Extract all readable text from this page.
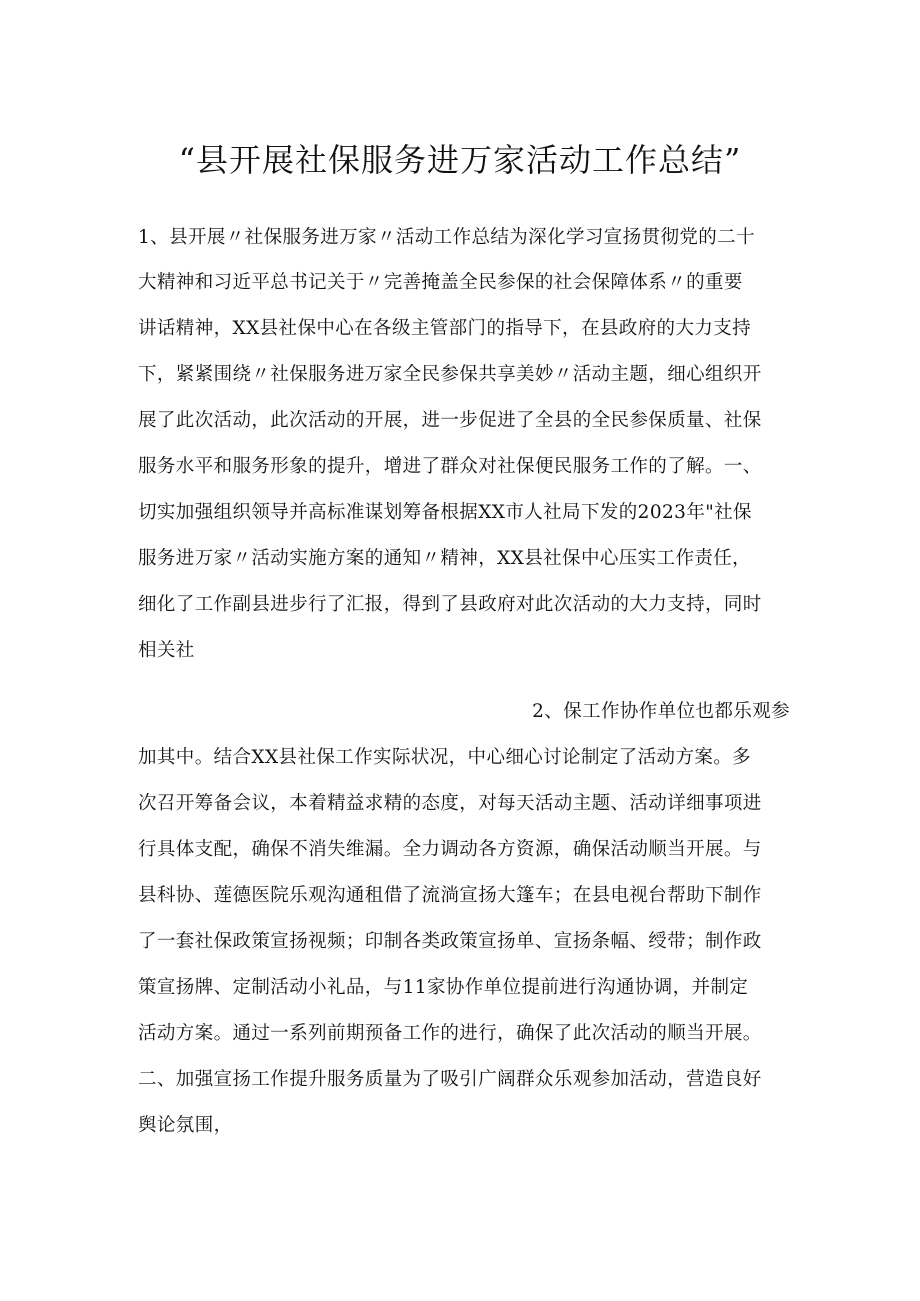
“县开展社保服务进万家活动工作总结”
1、县开展〃社保服务进万家〃活动工作总结为深化学习宣扬贯彻党的二十
大精神和习近平总书记关于〃完善掩盖全民参保的社会保障体系〃的重要
讲话精神，XX县社保中心在各级主管部门的指导下，在县政府的大力支持
下，紧紧围绕〃社保服务进万家全民参保共享美妙〃活动主题，细心组织开
展了此次活动，此次活动的开展，进一步促进了全县的全民参保质量、社保
服务水平和服务形象的提升，增进了群众对社保便民服务工作的了解。一、
切实加强组织领导并高标准谋划筹备根据XX市人社局下发的2023年"社保
服务进万家〃活动实施方案的通知〃精神，XX县社保中心压实工作责任，
细化了工作副县进步行了汇报，得到了县政府对此次活动的大力支持，同时
相关社
2、保工作协作单位也都乐观参
加其中。结合XX县社保工作实际状况，中心细心讨论制定了活动方案。多
次召开筹备会议，本着精益求精的态度，对每天活动主题、活动详细事项进
行具体支配，确保不消失维漏。全力调动各方资源，确保活动顺当开展。与
县科协、莲德医院乐观沟通租借了流淌宣扬大篷车；在县电视台帮助下制作
了一套社保政策宣扬视频；印制各类政策宣扬单、宣扬条幅、绶带；制作政
策宣扬牌、定制活动小礼品，与11家协作单位提前进行沟通协调，并制定
活动方案。通过一系列前期预备工作的进行，确保了此次活动的顺当开展。
二、加强宣扬工作提升服务质量为了吸引广阔群众乐观参加活动，营造良好
舆论氛围，
